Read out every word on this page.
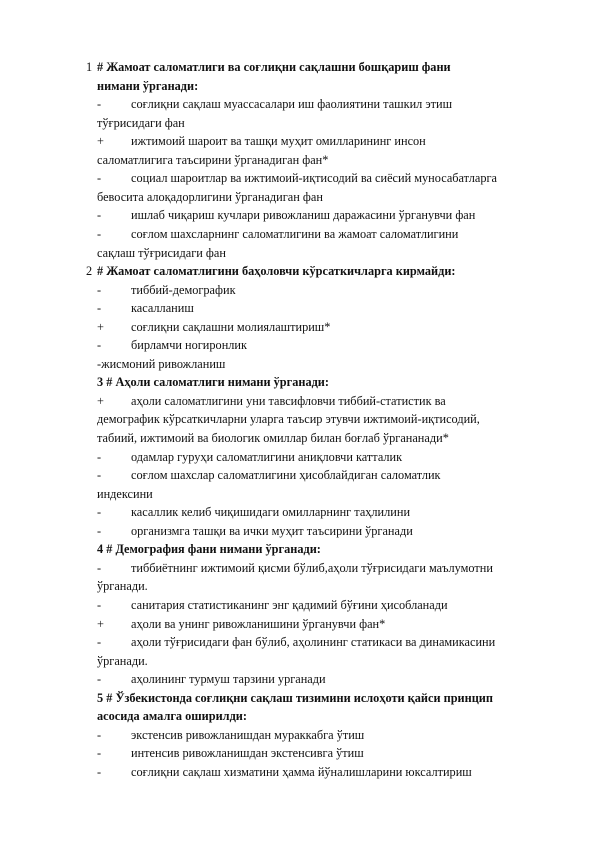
1 # Жамоат саломатлиги ва соғлиқни сақлашни бошқариш фани
нимани ўрганади:
- соғлиқни сақлаш муассасалари иш фаолиятини ташкил этиш
тўғрисидаги фан
+ ижтимоий шароит ва ташқи муҳит омилларининг инсон
саломатлигига таъсирини ўрганадиган фан*
- социал шароитлар ва ижтимоий-иқтисодий ва сиёсий муносабатларга
бевосита алоқадорлигини ўрганадиган фан
- ишлаб чиқариш кучлари ривожланиш даражасини ўрганувчи фан
- соғлом шахсларнинг саломатлигини ва жамоат саломатлигини
сақлаш тўғрисидаги фан
2 # Жамоат саломатлигини баҳоловчи кўрсаткичларга кирмайди:
- тиббий-демографик
- касалланиш
+ соғлиқни сақлашни молиялаштириш*
- бирламчи ногиронлик
-жисмоний ривожланиш
3 # Аҳоли саломатлиги нимани ўрганади:
+ аҳоли саломатлигини уни тавсифловчи тиббий-статистик ва
демографик кўрсаткичларни уларга таъсир этувчи ижтимоий-иқтисодий,
табиий, ижтимоий ва биологик омиллар билан боғлаб ўргананади*
- одамлар гуруҳи саломатлигини аниқловчи катталик
- соғлом шахслар саломатлигини ҳисоблайдиган саломатлик
индексини
- касаллик келиб чиқишидаги омилларнинг таҳлилини
- организмга ташқи ва ички муҳит таъсирини ўрганади
4 # Демография фани нимани ўрганади:
- тиббиётнинг ижтимоий қисми бўлиб,аҳоли тўғрисидаги маълумотни
ўрганади.
- санитария статистиканинг энг қадимий бўғини ҳисобланади
+ аҳоли ва унинг ривожланишини ўрганувчи фан*
- аҳоли тўғрисидаги фан бўлиб, аҳолининг статикаси ва динамикасини
ўрганади.
- аҳолининг турмуш тарзини урганади
5 # Ўзбекистонда соғлиқни сақлаш тизимини ислоҳоти қайси принцип
асосида амалга оширилди:
- экстенсив ривожланишдан мураккабга ўтиш
- интенсив ривожланишдан экстенсивга ўтиш
- соғлиқни сақлаш хизматини ҳамма йўналишларини юксалтириш
